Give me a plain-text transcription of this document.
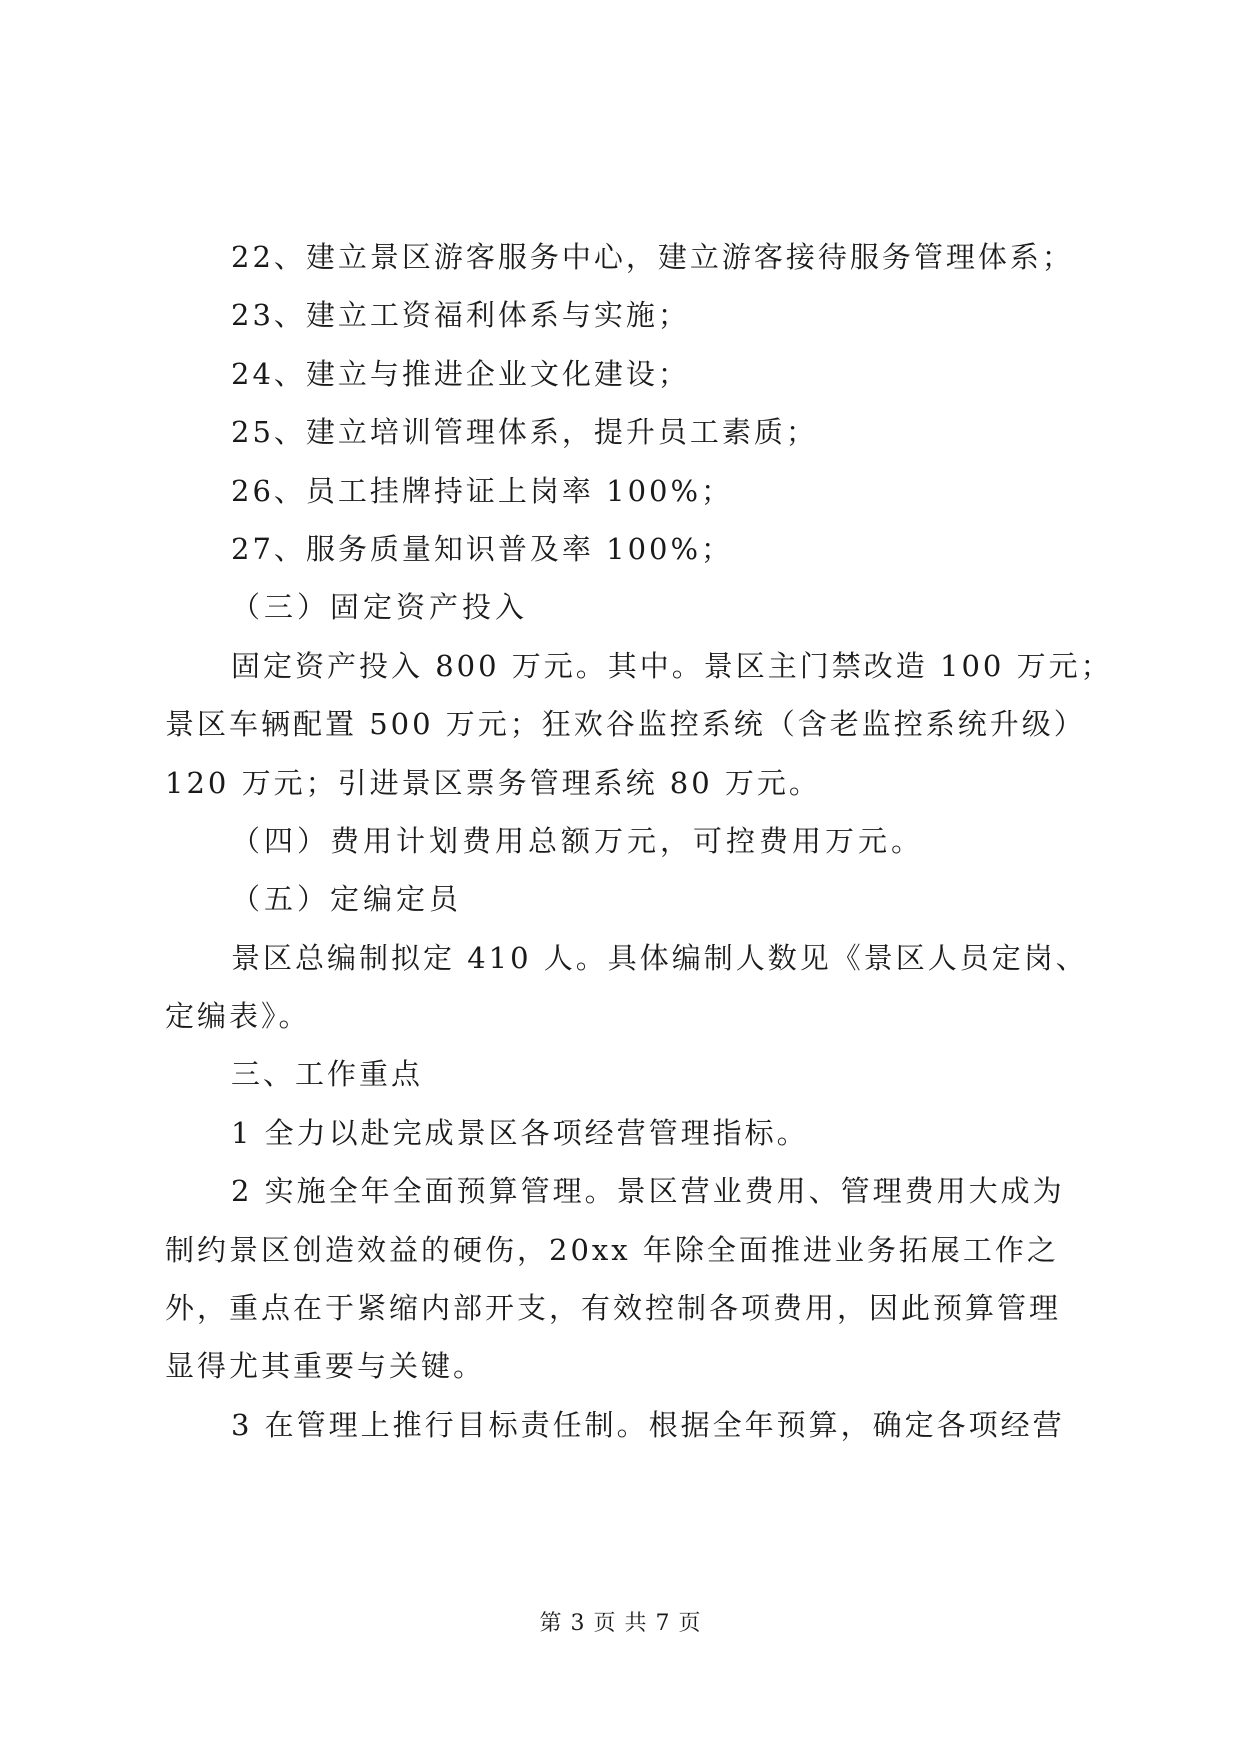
22、建立景区游客服务中心，建立游客接待服务管理体系；
23、建立工资福利体系与实施；
24、建立与推进企业文化建设；
25、建立培训管理体系，提升员工素质；
26、员工挂牌持证上岗率 100%；
27、服务质量知识普及率 100%；
（三）固定资产投入
固定资产投入 800 万元。其中。景区主门禁改造 100 万元；
景区车辆配置 500 万元；狂欢谷监控系统（含老监控系统升级）
120 万元；引进景区票务管理系统 80 万元。
（四）费用计划费用总额万元，可控费用万元。
（五）定编定员
景区总编制拟定 410 人。具体编制人数见《景区人员定岗、
定编表》。
三、工作重点
1 全力以赴完成景区各项经营管理指标。
2 实施全年全面预算管理。景区营业费用、管理费用大成为
制约景区创造效益的硬伤，20xx 年除全面推进业务拓展工作之
外，重点在于紧缩内部开支，有效控制各项费用，因此预算管理
显得尤其重要与关键。
3 在管理上推行目标责任制。根据全年预算，确定各项经营
第 3 页 共 7 页
